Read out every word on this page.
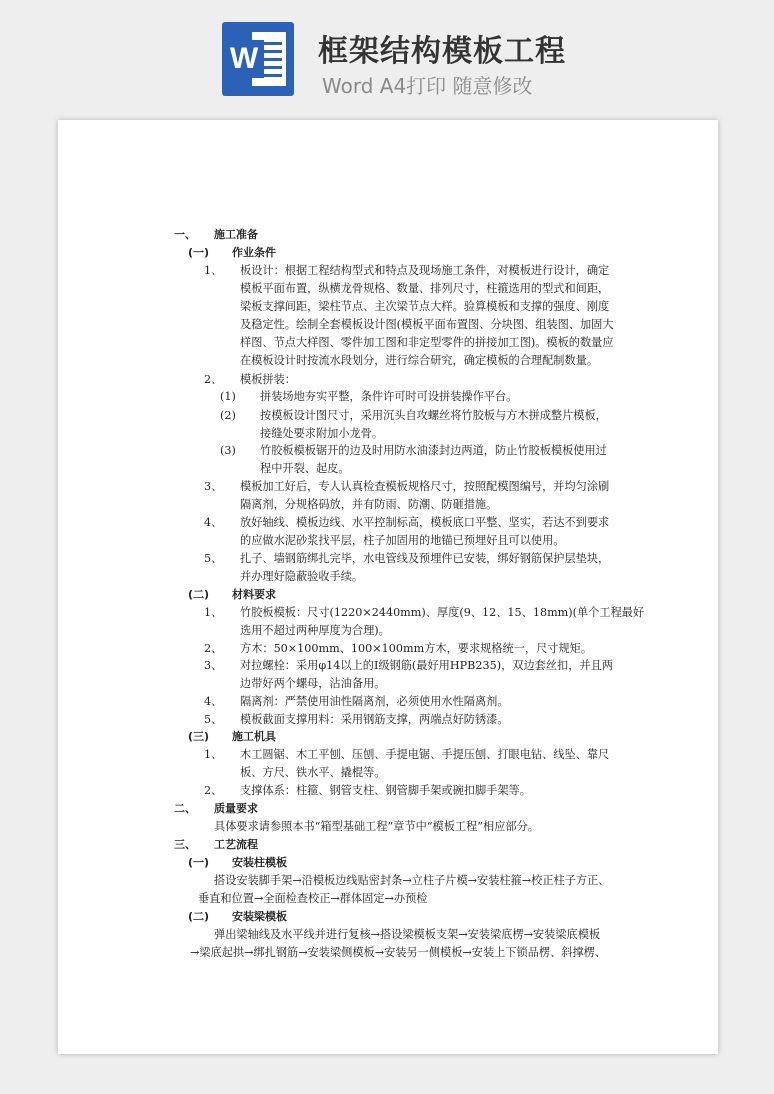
W 框架结构模板工程
Word A4打印 随意修改
一、 施工准备
(一) 作业条件
1、 板设计：根据工程结构型式和特点及现场施工条件，对模板进行设计，确定
模板平面布置，纵横龙骨规格、数量、排列尺寸，柱箍选用的型式和间距，
梁板支撑间距，梁柱节点、主次梁节点大样。验算模板和支撑的强度、刚度
及稳定性。绘制全套模板设计图(模板平面布置图、分块图、组装图、加固大
样图、节点大样图、零件加工图和非定型零件的拼接加工图)。模板的数量应
在模板设计时按流水段划分，进行综合研究，确定模板的合理配制数量。
2、 模板拼装：
(1) 拼装场地夯实平整，条件许可时可设拼装操作平台。
(2) 按模板设计图尺寸，采用沉头自攻螺丝将竹胶板与方木拼成整片模板，
接缝处要求附加小龙骨。
(3) 竹胶板模板锯开的边及时用防水油漆封边两道，防止竹胶板模板使用过
程中开裂、起皮。
3、 模板加工好后，专人认真检查模板规格尺寸，按照配模图编号，并均匀涂刷
隔离剂，分规格码放，并有防雨、防潮、防砸措施。
4、 放好轴线、模板边线、水平控制标高，模板底口平整、坚实，若达不到要求
的应做水泥砂浆找平层，柱子加固用的地锚已预埋好且可以使用。
5、 扎子、墙钢筋绑扎完毕，水电管线及预埋件已安装，绑好钢筋保护层垫块，
并办理好隐蔽验收手续。
(二) 材料要求
1、 竹胶板模板：尺寸(1220×2440mm)、厚度(9、12、15、18mm)(单个工程最好
选用不超过两种厚度为合理)。
2、 方木：50×100mm、100×100mm方木，要求规格统一，尺寸规矩。
3、 对拉螺栓：采用φ14以上的Ⅰ级钢筋(最好用HPB235)，双边套丝扣，并且两
边带好两个螺母，沾油备用。
4、 隔离剂：严禁使用油性隔离剂，必须使用水性隔离剂。
5、 模板截面支撑用料：采用钢筋支撑，两端点好防锈漆。
(三) 施工机具
1、 木工圆锯、木工平刨、压刨、手提电锯、手提压刨、打眼电钻、线坠、靠尺
板、方尺、铁水平、撬棍等。
2、 支撑体系：柱箍、钢管支柱、钢管脚手架或碗扣脚手架等。
二、 质量要求
具体要求请参照本书“箱型基础工程”章节中“模板工程”相应部分。
三、 工艺流程
(一) 安装柱模板
搭设安装脚手架→沿模板边线贴密封条→立柱子片模→安装柱箍→校正柱子方正、
垂直和位置→全面检查校正→群体固定→办预检
(二) 安装梁模板
弹出梁轴线及水平线并进行复核→搭设梁模板支架→安装梁底楞→安装梁底模板
→梁底起拱→绑扎钢筋→安装梁侧模板→安装另一侧模板→安装上下锁品楞、斜撑楞、
